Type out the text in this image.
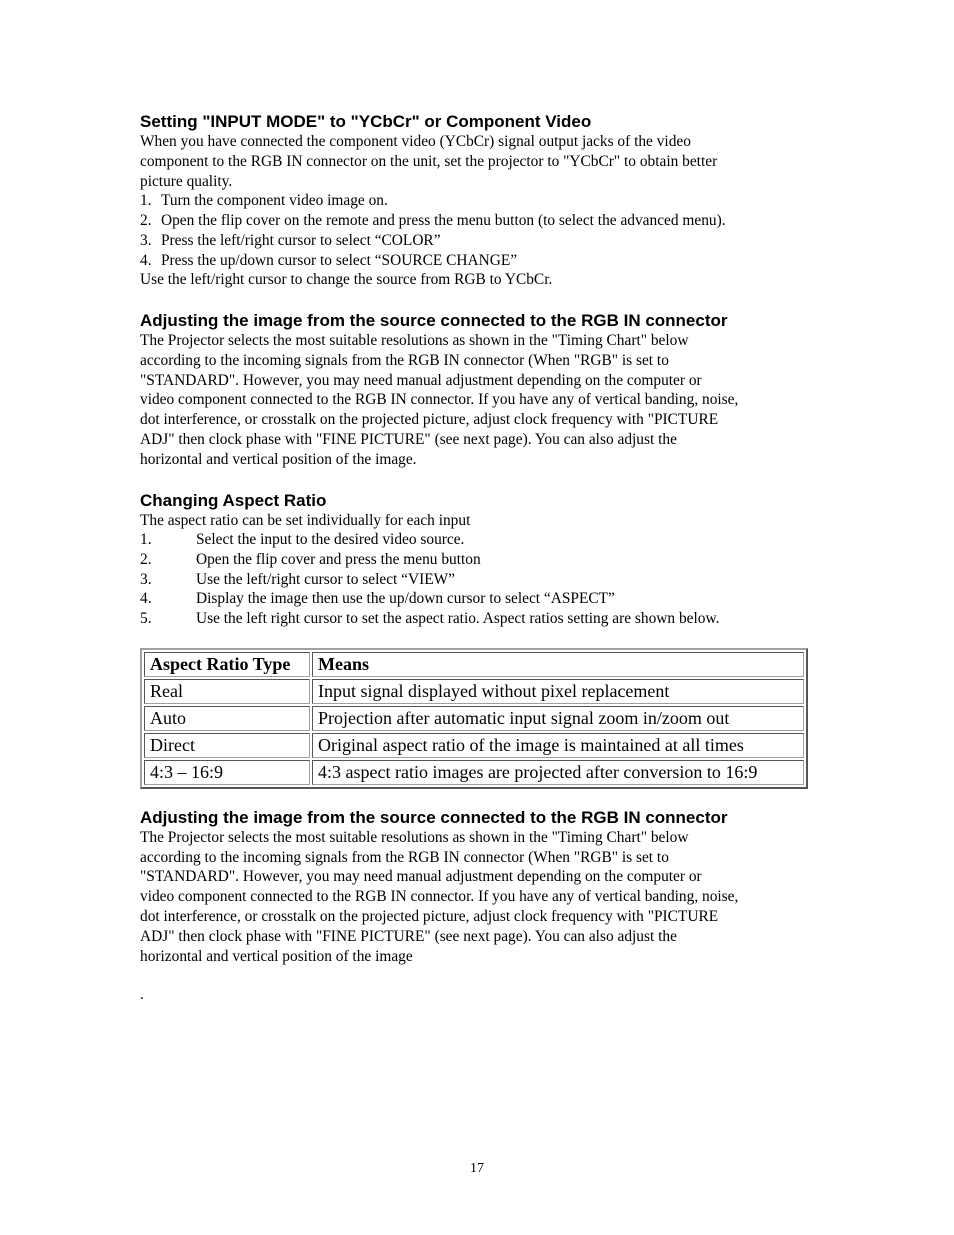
Setting "INPUT MODE" to "YCbCr" or Component Video
When you have connected the component video (YCbCr) signal output jacks of the video
component to the RGB IN connector on the unit, set the projector to "YCbCr" to obtain better
picture quality.
1. Turn the component video image on.
2. Open the flip cover on the remote and press the menu button (to select the advanced menu).
3. Press the left/right cursor to select “COLOR”
4. Press the up/down cursor to select “SOURCE CHANGE”
Use the left/right cursor to change the source from RGB to YCbCr.
Adjusting the image from the source connected to the RGB IN connector
The Projector selects the most suitable resolutions as shown in the "Timing Chart" below
according to the incoming signals from the RGB IN connector (When "RGB" is set to
"STANDARD". However, you may need manual adjustment depending on the computer or
video component connected to the RGB IN connector. If you have any of vertical banding, noise,
dot interference, or crosstalk on the projected picture, adjust clock frequency with "PICTURE
ADJ" then clock phase with "FINE PICTURE" (see next page). You can also adjust the
horizontal and vertical position of the image.
Changing Aspect Ratio
The aspect ratio can be set individually for each input
1.	Select the input to the desired video source.
2.	Open the flip cover and press the menu button
3.	Use the left/right cursor to select “VIEW”
4.	Display the image then use the up/down cursor to select “ASPECT”
5.	Use the left right cursor to set the aspect ratio. Aspect ratios setting are shown below.
Aspect Ratio Type	Means
Real	Input signal displayed without pixel replacement
Auto	Projection after automatic input signal zoom in/zoom out
Direct	Original aspect ratio of the image is maintained at all times
4:3 – 16:9	4:3 aspect ratio images are projected after conversion to 16:9
Adjusting the image from the source connected to the RGB IN connector
The Projector selects the most suitable resolutions as shown in the "Timing Chart" below
according to the incoming signals from the RGB IN connector (When "RGB" is set to
"STANDARD". However, you may need manual adjustment depending on the computer or
video component connected to the RGB IN connector. If you have any of vertical banding, noise,
dot interference, or crosstalk on the projected picture, adjust clock frequency with "PICTURE
ADJ" then clock phase with "FINE PICTURE" (see next page). You can also adjust the
horizontal and vertical position of the image
.
17
